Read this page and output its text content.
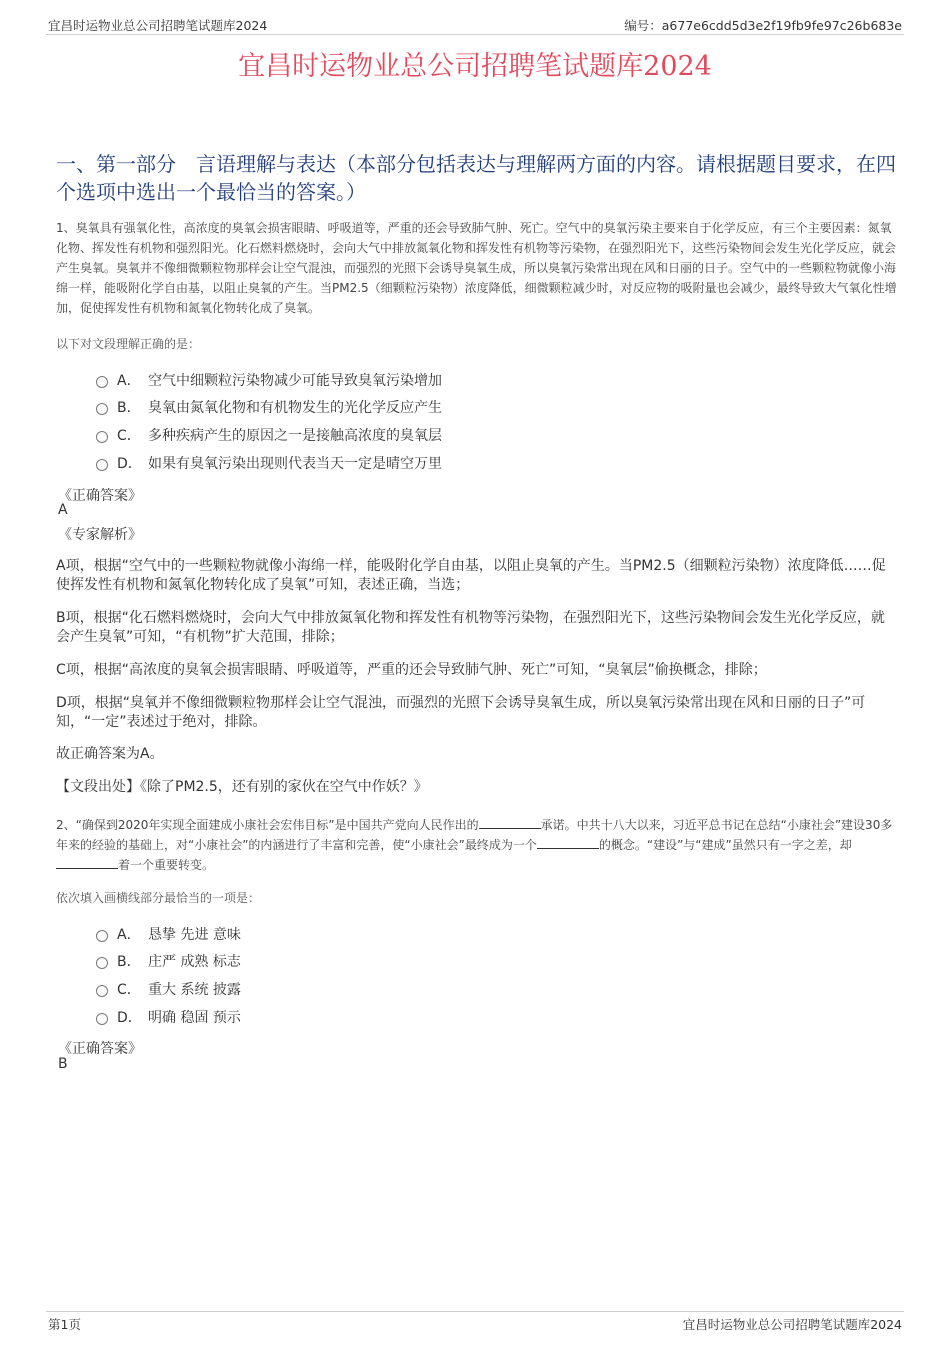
宜昌时运物业总公司招聘笔试题库2024	编号：a677e6cdd5d3e2f19fb9fe97c26b683e
宜昌时运物业总公司招聘笔试题库2024
一、第一部分　言语理解与表达（本部分包括表达与理解两方面的内容。请根据题目要求，在四个选项中选出一个最恰当的答案。）
1、臭氧具有强氧化性，高浓度的臭氧会损害眼睛、呼吸道等，严重的还会导致肺气肿、死亡。空气中的臭氧污染主要来自于化学反应，有三个主要因素：氮氧化物、挥发性有机物和强烈阳光。化石燃料燃烧时，会向大气中排放氮氧化物和挥发性有机物等污染物，在强烈阳光下，这些污染物间会发生光化学反应，就会产生臭氧。臭氧并不像细微颗粒物那样会让空气混浊，而强烈的光照下会诱导臭氧生成，所以臭氧污染常出现在风和日丽的日子。空气中的一些颗粒物就像小海绵一样，能吸附化学自由基，以阻止臭氧的产生。当PM2.5（细颗粒污染物）浓度降低，细微颗粒减少时，对反应物的吸附量也会减少，最终导致大气氧化性增加，促使挥发性有机物和氮氧化物转化成了臭氧。
以下对文段理解正确的是：
A． 空气中细颗粒污染物减少可能导致臭氧污染增加
B． 臭氧由氮氧化物和有机物发生的光化学反应产生
C． 多种疾病产生的原因之一是接触高浓度的臭氧层
D． 如果有臭氧污染出现则代表当天一定是晴空万里
《正确答案》
A
《专家解析》
A项，根据“空气中的一些颗粒物就像小海绵一样，能吸附化学自由基，以阻止臭氧的产生。当PM2.5（细颗粒污染物）浓度降低……促使挥发性有机物和氮氧化物转化成了臭氧”可知，表述正确，当选；
B项，根据“化石燃料燃烧时，会向大气中排放氮氧化物和挥发性有机物等污染物，在强烈阳光下，这些污染物间会发生光化学反应，就会产生臭氧”可知，“有机物”扩大范围，排除；
C项，根据“高浓度的臭氧会损害眼睛、呼吸道等，严重的还会导致肺气肿、死亡”可知，“臭氧层”偷换概念，排除；
D项，根据“臭氧并不像细微颗粒物那样会让空气混浊，而强烈的光照下会诱导臭氧生成，所以臭氧污染常出现在风和日丽的日子”可知，“一定”表述过于绝对，排除。
故正确答案为A。
【文段出处】《除了PM2.5，还有别的家伙在空气中作妖？》
2、“确保到2020年实现全面建成小康社会宏伟目标”是中国共产党向人民作出的	承诺。中共十八大以来，习近平总书记在总结“小康社会”建设30多年来的经验的基础上，对“小康社会”的内涵进行了丰富和完善，使“小康社会”最终成为一个	的概念。“建设”与“建成”虽然只有一字之差，却着一个重要转变。
依次填入画横线部分最恰当的一项是：
A． 恳挚 先进 意味
B． 庄严 成熟 标志
C． 重大 系统 披露
D． 明确 稳固 预示
《正确答案》
B
第1页	宜昌时运物业总公司招聘笔试题库2024
